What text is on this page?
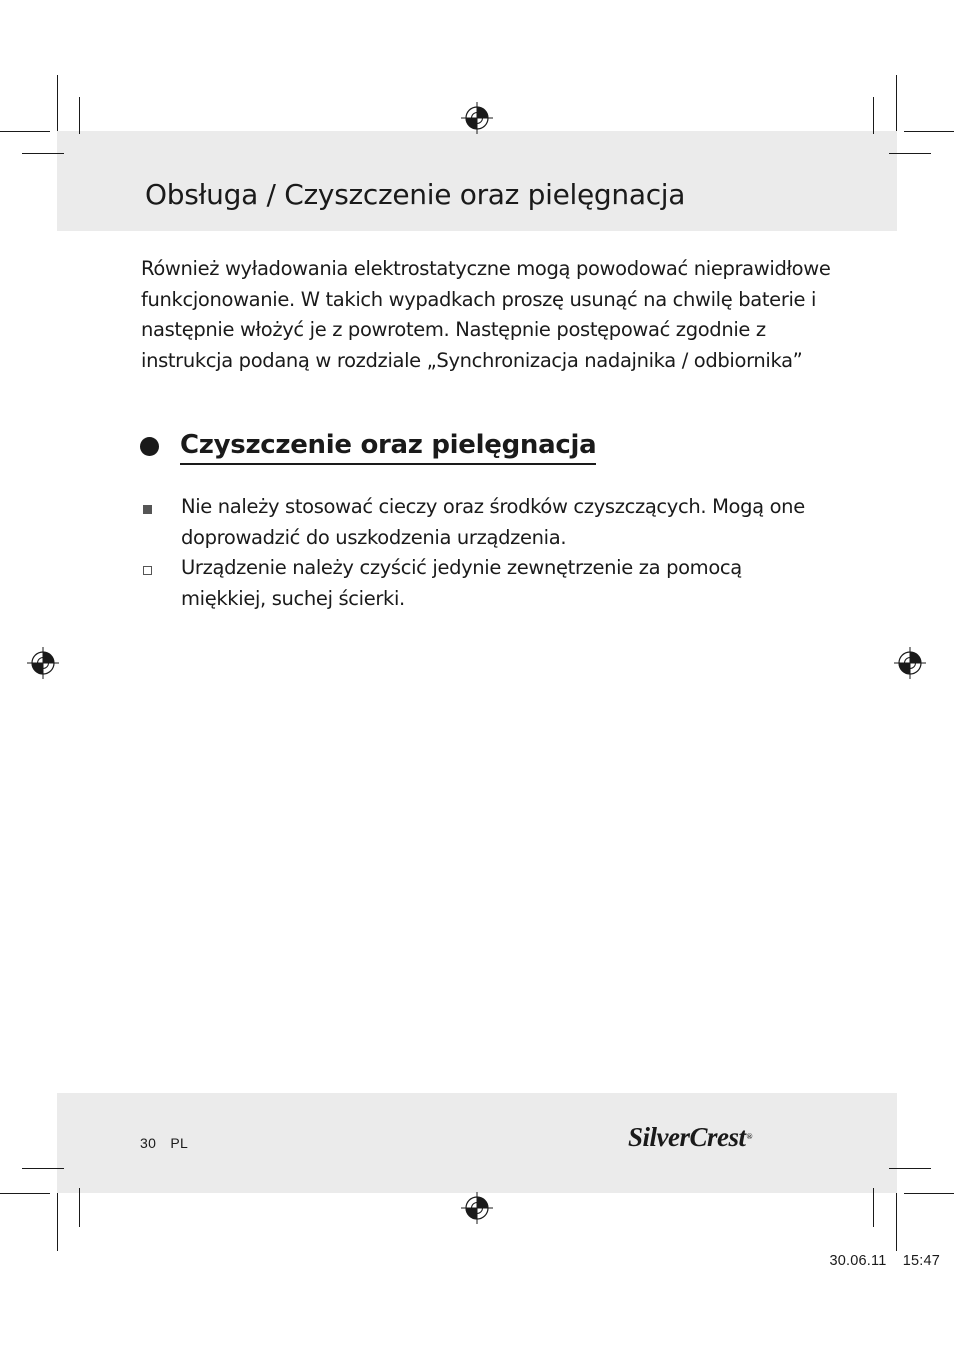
Obsługa / Czyszczenie oraz pielęgnacja

Również wyładowania elektrostatyczne mogą powodować nieprawidłowe funkcjonowanie. W takich wypadkach proszę usunąć na chwilę baterie i następnie włożyć je z powrotem. Następnie postępować zgodnie z instrukcja podaną w rozdziale „Synchronizacja nadajnika / odbiornika”

Czyszczenie oraz pielęgnacja
Nie należy stosować cieczy oraz środków czyszczących. Mogą one doprowadzić do uszkodzenia urządzenia.
Urządzenie należy czyścić jedynie zewnętrzenie za pomocą miękkiej, suchej ścierki.
30 PL	SilverCrest®
30.06.11 15:47
